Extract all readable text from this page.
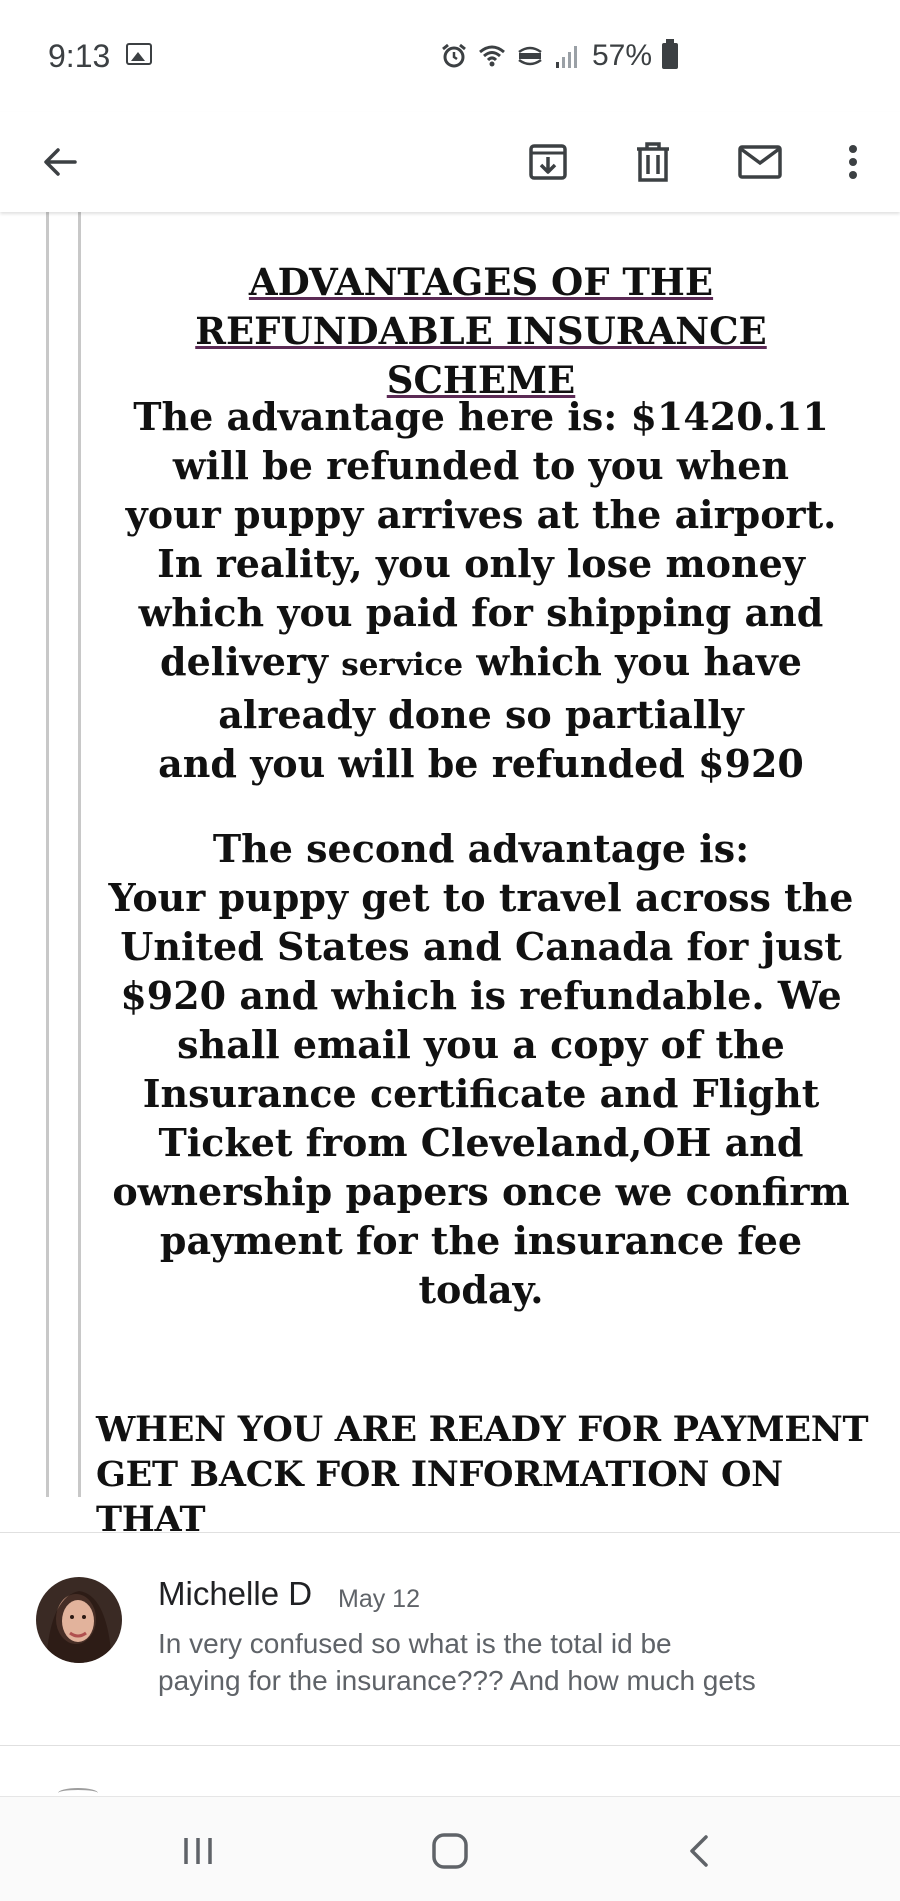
9:13	57%
ADVANTAGES OF THE
REFUNDABLE INSURANCE SCHEME
The advantage here is: $1420.11
will be refunded to you when
your puppy arrives at the airport.
In reality, you only lose money
which you paid for shipping and
delivery service which you have
already done so partially
and you will be refunded $920
The second advantage is:
Your puppy get to travel across the
United States and Canada for just
$920 and which is refundable. We
shall email you a copy of the
Insurance certificate and Flight
Ticket from Cleveland,OH and
ownership papers once we confirm
payment for the insurance fee
today.
WHEN YOU ARE READY FOR PAYMENT
GET BACK FOR INFORMATION ON THAT
Michelle D May 12
In very confused so what is the total id be
paying for the insurance??? And how much gets
